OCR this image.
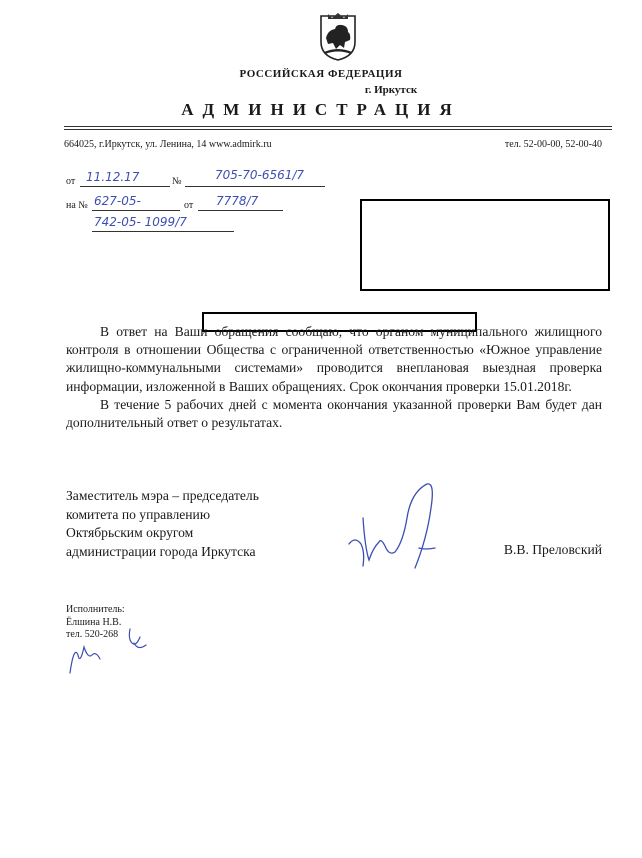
РОССИЙСКАЯ ФЕДЕРАЦИЯ
г. Иркутск
АДМИНИСТРАЦИЯ
664025, г.Иркутск, ул. Ленина, 14 www.admirk.ru	тел. 52-00-00, 52-00-40
от 11.12.17	№	705-70-6561/7
на № 627-05-	от	7778/7
742-05- 1099/7

В ответ на Ваши обращения сообщаю, что органом муниципального жилищного контроля в отношении Общества с ограниченной ответственностью «Южное управление жилищно-коммунальными системами» проводится внеплановая выездная проверка информации, изложенной в Ваших обращениях. Срок окончания проверки 15.01.2018г.

В течение 5 рабочих дней с момента окончания указанной проверки Вам будет дан дополнительный ответ о результатах.

Заместитель мэра – председатель
комитета по управлению
Октябрьским округом
администрации города Иркутска	В.В. Преловский
Исполнитель:
Ёлшина Н.В.
тел. 520-268
